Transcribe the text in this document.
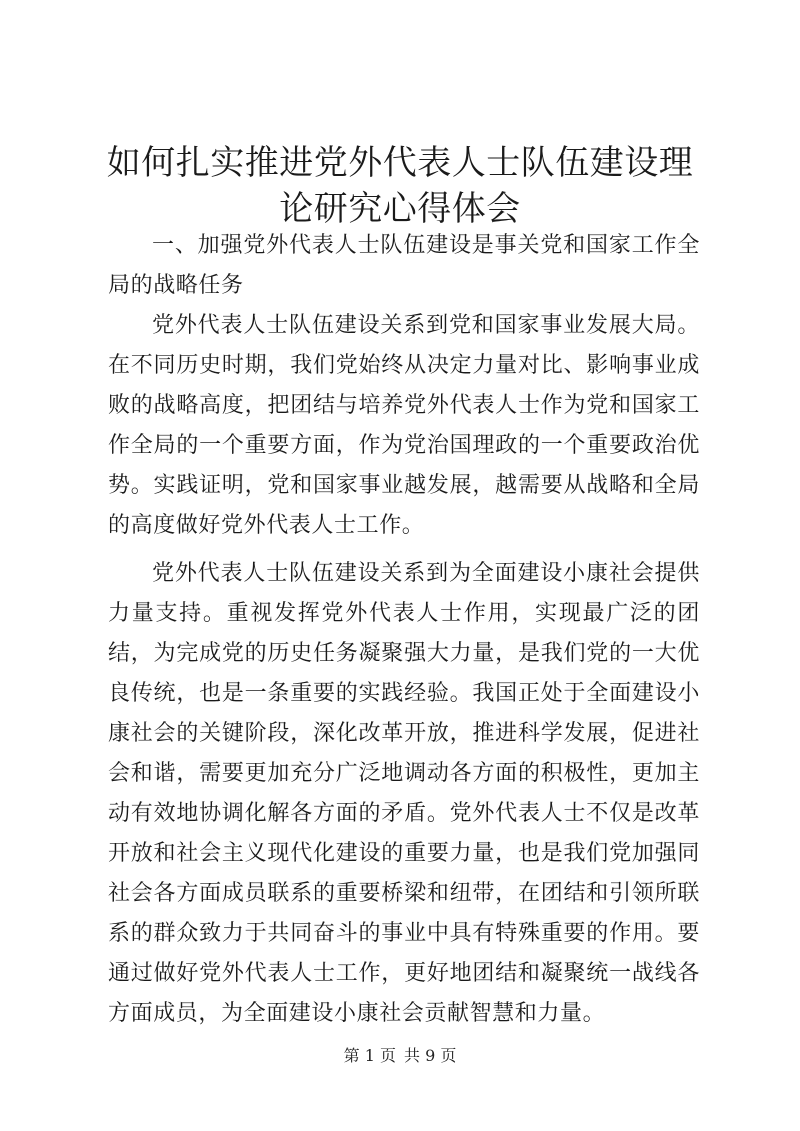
如何扎实推进党外代表人士队伍建设理论研究心得体会

一、加强党外代表人士队伍建设是事关党和国家工作全局的战略任务

党外代表人士队伍建设关系到党和国家事业发展大局。在不同历史时期，我们党始终从决定力量对比、影响事业成败的战略高度，把团结与培养党外代表人士作为党和国家工作全局的一个重要方面，作为党治国理政的一个重要政治优势。实践证明，党和国家事业越发展，越需要从战略和全局的高度做好党外代表人士工作。

党外代表人士队伍建设关系到为全面建设小康社会提供力量支持。重视发挥党外代表人士作用，实现最广泛的团结，为完成党的历史任务凝聚强大力量，是我们党的一大优良传统，也是一条重要的实践经验。我国正处于全面建设小康社会的关键阶段，深化改革开放，推进科学发展，促进社会和谐，需要更加充分广泛地调动各方面的积极性，更加主动有效地协调化解各方面的矛盾。党外代表人士不仅是改革开放和社会主义现代化建设的重要力量，也是我们党加强同社会各方面成员联系的重要桥梁和纽带，在团结和引领所联系的群众致力于共同奋斗的事业中具有特殊重要的作用。要通过做好党外代表人士工作，更好地团结和凝聚统一战线各方面成员，为全面建设小康社会贡献智慧和力量。

第 1 页 共 9 页
